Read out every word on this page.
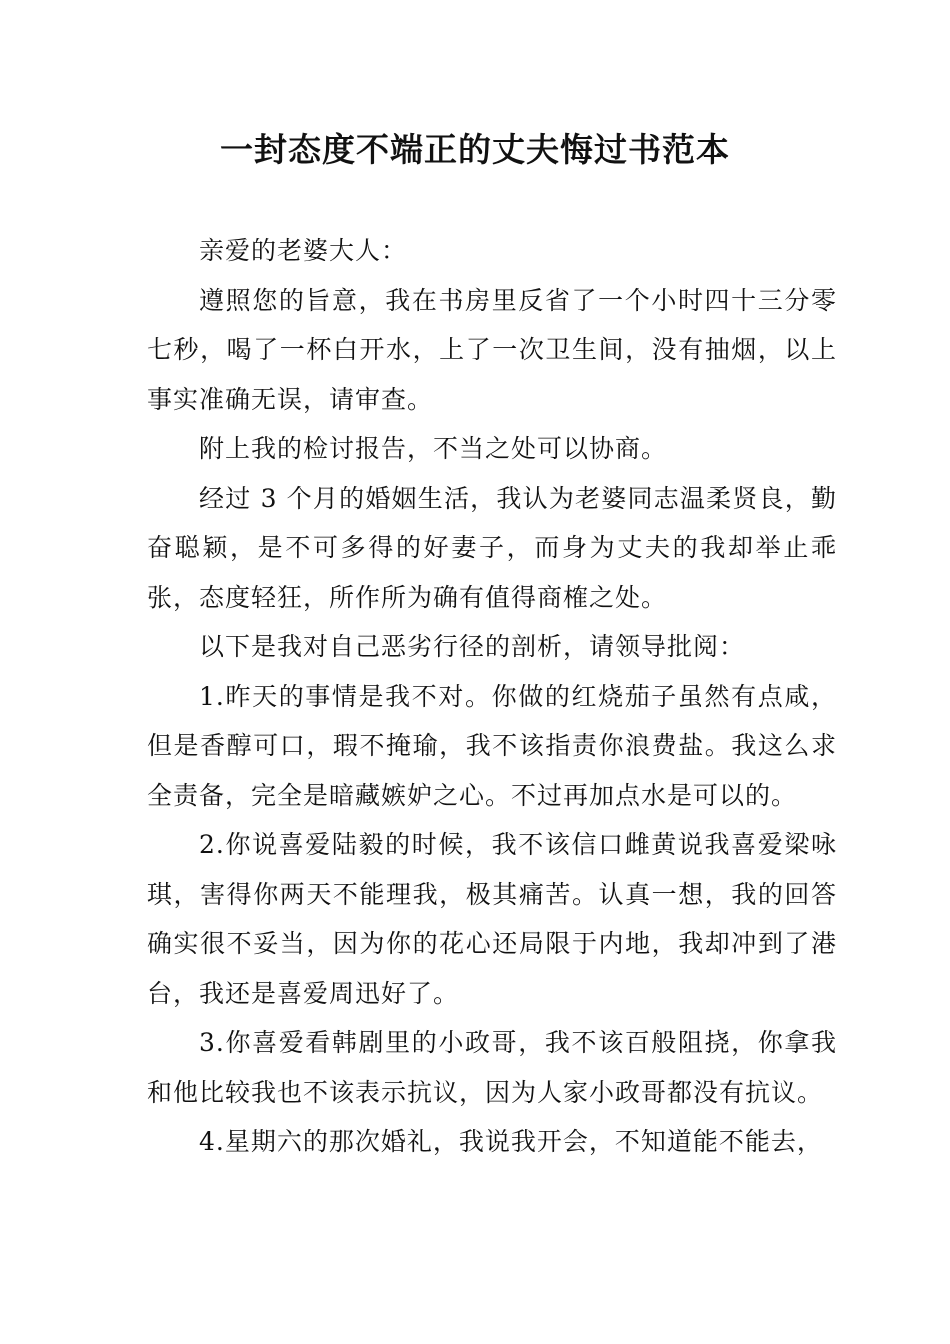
一封态度不端正的丈夫悔过书范本

亲爱的老婆大人：

遵照您的旨意，我在书房里反省了一个小时四十三分零七秒，喝了一杯白开水，上了一次卫生间，没有抽烟，以上事实准确无误，请审查。

附上我的检讨报告，不当之处可以协商。

经过 3 个月的婚姻生活，我认为老婆同志温柔贤良，勤奋聪颖，是不可多得的好妻子，而身为丈夫的我却举止乖张，态度轻狂，所作所为确有值得商榷之处。

以下是我对自己恶劣行径的剖析，请领导批阅：

1.昨天的事情是我不对。你做的红烧茄子虽然有点咸，但是香醇可口，瑕不掩瑜，我不该指责你浪费盐。我这么求全责备，完全是暗藏嫉妒之心。不过再加点水是可以的。

2.你说喜爱陆毅的时候，我不该信口雌黄说我喜爱梁咏琪，害得你两天不能理我，极其痛苦。认真一想，我的回答确实很不妥当，因为你的花心还局限于内地，我却冲到了港台，我还是喜爱周迅好了。

3.你喜爱看韩剧里的小政哥，我不该百般阻挠，你拿我和他比较我也不该表示抗议，因为人家小政哥都没有抗议。

4.星期六的那次婚礼，我说我开会，不知道能不能去，
